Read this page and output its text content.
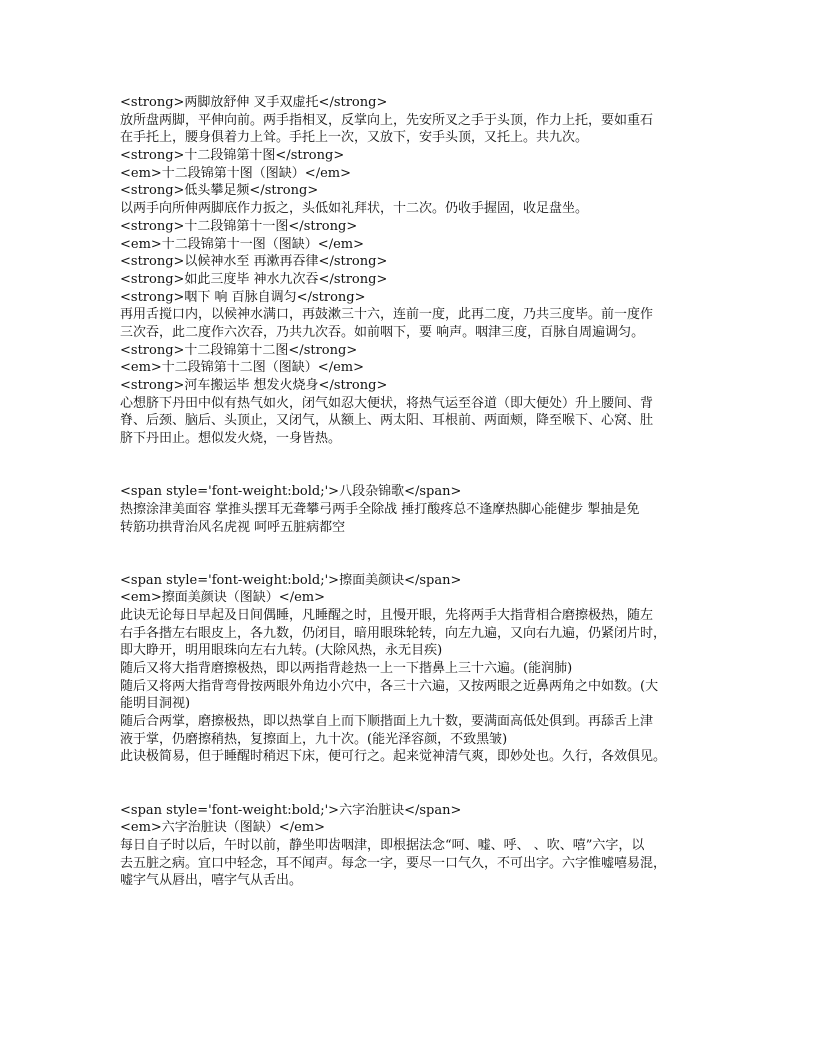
<strong>两脚放舒伸 叉手双虚托</strong>
放所盘两脚，平伸向前。两手指相叉，反掌向上，先安所叉之手于头顶，作力上托，要如重石
在手托上，腰身俱着力上耸。手托上一次，又放下，安手头顶，又托上。共九次。
<strong>十二段锦第十图</strong>
<em>十二段锦第十图（图缺）</em>
<strong>低头攀足频</strong>
以两手向所伸两脚底作力扳之，头低如礼拜状，十二次。仍收手握固，收足盘坐。
<strong>十二段锦第十一图</strong>
<em>十二段锦第十一图（图缺）</em>
<strong>以候神水至 再漱再吞律</strong>
<strong>如此三度毕 神水九次吞</strong>
<strong>咽下 响 百脉自调匀</strong>
再用舌搅口内，以候神水满口，再鼓漱三十六，连前一度，此再二度，乃共三度毕。前一度作
三次吞，此二度作六次吞，乃共九次吞。如前咽下，要 响声。咽津三度，百脉自周遍调匀。
<strong>十二段锦第十二图</strong>
<em>十二段锦第十二图（图缺）</em>
<strong>河车搬运毕 想发火烧身</strong>
心想脐下丹田中似有热气如火，闭气如忍大便状，将热气运至谷道（即大便处）升上腰间、背
脊、后颈、脑后、头顶止，又闭气，从额上、两太阳、耳根前、两面颊，降至喉下、心窝、肚
脐下丹田止。想似发火烧，一身皆热。
<span style='font-weight:bold;'>八段杂锦歌</span>
热擦涂津美面容 掌推头摆耳无聋攀弓两手全除战 捶打酸疼总不逢摩热脚心能健步 掣抽是免
转筋功拱背治风名虎视 呵呼五脏病都空
<span style='font-weight:bold;'>擦面美颜诀</span>
<em>擦面美颜诀（图缺）</em>
此诀无论每日早起及日间偶睡，凡睡醒之时，且慢开眼，先将两手大指背相合磨擦极热，随左
右手各揩左右眼皮上，各九数，仍闭目，暗用眼珠轮转，向左九遍，又向右九遍，仍紧闭片时，
即大睁开，明用眼珠向左右九转。(大除风热，永无目疾)
随后又将大指背磨擦极热，即以两指背趁热一上一下揩鼻上三十六遍。(能润肺)
随后又将两大指背弯骨按两眼外角边小穴中，各三十六遍，又按两眼之近鼻两角之中如数。(大
能明目洞视)
随后合两掌，磨擦极热，即以热掌自上而下顺揩面上九十数，要满面高低处俱到。再舔舌上津
液于掌，仍磨擦稍热，复擦面上，九十次。(能光泽容颜，不致黑皱)
此诀极简易，但于睡醒时稍迟下床，便可行之。起来觉神清气爽，即妙处也。久行，各效俱见。
<span style='font-weight:bold;'>六字治脏诀</span>
<em>六字治脏诀（图缺）</em>
每日自子时以后，午时以前，静坐叩齿咽津，即根据法念“呵、嘘、呼、 、吹、嘻”六字，以
去五脏之病。宜口中轻念，耳不闻声。每念一字，要尽一口气久，不可出字。六字惟嘘嘻易混，
嘘字气从唇出，嘻字气从舌出。
